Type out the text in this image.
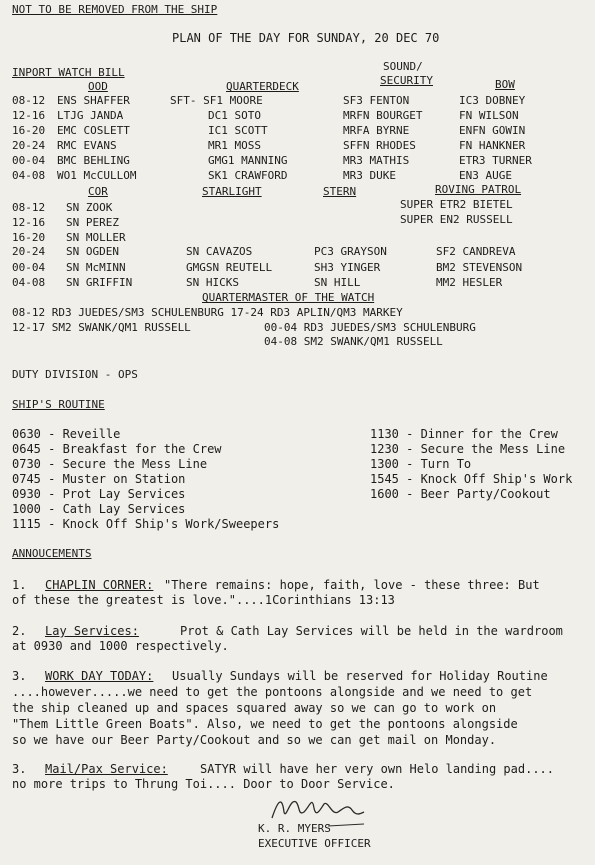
NOT TO BE REMOVED FROM THE SHIP
PLAN OF THE DAY FOR SUNDAY, 20 DEC 70
INPORT WATCH BILL
OOD	QUARTERDECK
SOUND/
SECURITY	BOW
08-12 ENS SHAFFER	SFT- SF1 MOORE	SF3 FENTON	IC3 DOBNEY
12-16 LTJG JANDA	DC1 SOTO	MRFN BOURGET	FN WILSON
16-20 EMC COSLETT	IC1 SCOTT	MRFA BYRNE	ENFN GOWIN
20-24 RMC EVANS	MR1 MOSS	SFFN RHODES	FN HANKNER
00-04 BMC BEHLING	GMG1 MANNING	MR3 MATHIS	ETR3 TURNER
04-08 WO1 McCULLOM	SK1 CRAWFORD	MR3 DUKE	EN3 AUGE
COR	STARLIGHT	STERN	ROVING PATROL
SUPER ETR2 BIETEL
SUPER EN2 RUSSELL
08-12 SN ZOOK
12-16 SN PEREZ
16-20 SN MOLLER
20-24 SN OGDEN	SN CAVAZOS	PC3 GRAYSON	SF2 CANDREVA
00-04 SN McMINN	GMGSN REUTELL	SH3 YINGER	BM2 STEVENSON
04-08 SN GRIFFIN	SN HICKS	SN HILL	MM2 HESLER
QUARTERMASTER OF THE WATCH
08-12 RD3 JUEDES/SM3 SCHULENBURG 17-24 RD3 APLIN/QM3 MARKEY
12-17 SM2 SWANK/QM1 RUSSELL	00-04 RD3 JUEDES/SM3 SCHULENBURG
04-08 SM2 SWANK/QM1 RUSSELL
DUTY DIVISION - OPS
SHIP'S ROUTINE
0630 - Reveille
0645 - Breakfast for the Crew
0730 - Secure the Mess Line
0745 - Muster on Station
0930 - Prot Lay Services
1000 - Cath Lay Services
1115 - Knock Off Ship's Work/Sweepers
1130 - Dinner for the Crew
1230 - Secure the Mess Line
1300 - Turn To
1545 - Knock Off Ship's Work
1600 - Beer Party/Cookout
ANNOUCEMENTS
1. CHAPLIN CORNER: "There remains: hope, faith, love - these three: But
of these the greatest is love."....1Corinthians 13:13
2. Lay Services:	Prot & Cath Lay Services will be held in the wardroom
at 0930 and 1000 respectively.
3. WORK DAY TODAY: Usually Sundays will be reserved for Holiday Routine
....however.....we need to get the pontoons alongside and we need to get
the ship cleaned up and spaces squared away so we can go to work on
"Them Little Green Boats". Also, we need to get the pontoons alongside
so we have our Beer Party/Cookout and so we can get mail on Monday.
3. Mail/Pax Service:	SATYR will have her very own Helo landing pad....
no more trips to Thrung Toi.... Door to Door Service.
K. R. MYERS
EXECUTIVE OFFICER
